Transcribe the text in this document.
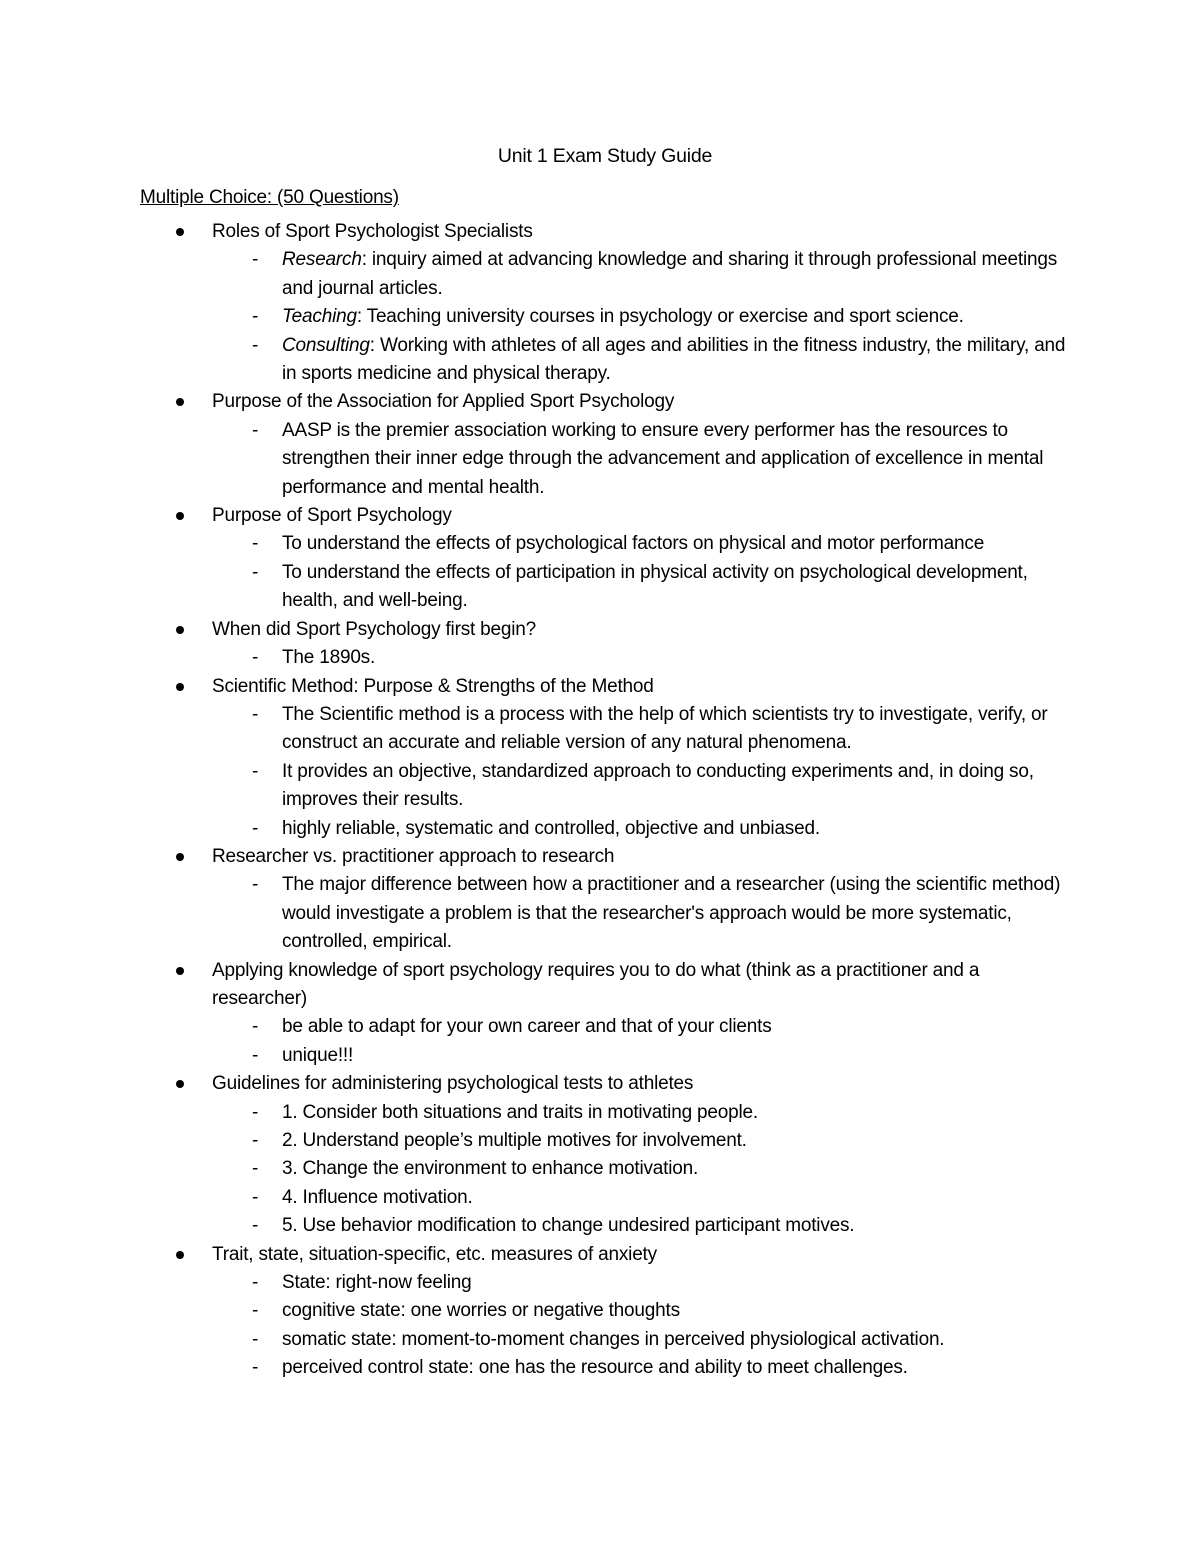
Unit 1 Exam Study Guide
Multiple Choice: (50 Questions)
Roles of Sport Psychologist Specialists
- Research: inquiry aimed at advancing knowledge and sharing it through professional meetings and journal articles.
- Teaching: Teaching university courses in psychology or exercise and sport science.
- Consulting: Working with athletes of all ages and abilities in the fitness industry, the military, and in sports medicine and physical therapy.
Purpose of the Association for Applied Sport Psychology
- AASP is the premier association working to ensure every performer has the resources to strengthen their inner edge through the advancement and application of excellence in mental performance and mental health.
Purpose of Sport Psychology
- To understand the effects of psychological factors on physical and motor performance
- To understand the effects of participation in physical activity on psychological development, health, and well-being.
When did Sport Psychology first begin?
- The 1890s.
Scientific Method: Purpose & Strengths of the Method
- The Scientific method is a process with the help of which scientists try to investigate, verify, or construct an accurate and reliable version of any natural phenomena.
- It provides an objective, standardized approach to conducting experiments and, in doing so, improves their results.
- highly reliable, systematic and controlled, objective and unbiased.
Researcher vs. practitioner approach to research
- The major difference between how a practitioner and a researcher (using the scientific method) would investigate a problem is that the researcher's approach would be more systematic, controlled, empirical.
Applying knowledge of sport psychology requires you to do what (think as a practitioner and a researcher)
- be able to adapt for your own career and that of your clients
- unique!!!
Guidelines for administering psychological tests to athletes
- 1. Consider both situations and traits in motivating people.
- 2. Understand people’s multiple motives for involvement.
- 3. Change the environment to enhance motivation.
- 4. Influence motivation.
- 5. Use behavior modification to change undesired participant motives.
Trait, state, situation-specific, etc. measures of anxiety
- State: right-now feeling
- cognitive state: one worries or negative thoughts
- somatic state: moment-to-moment changes in perceived physiological activation.
- perceived control state: one has the resource and ability to meet challenges.
